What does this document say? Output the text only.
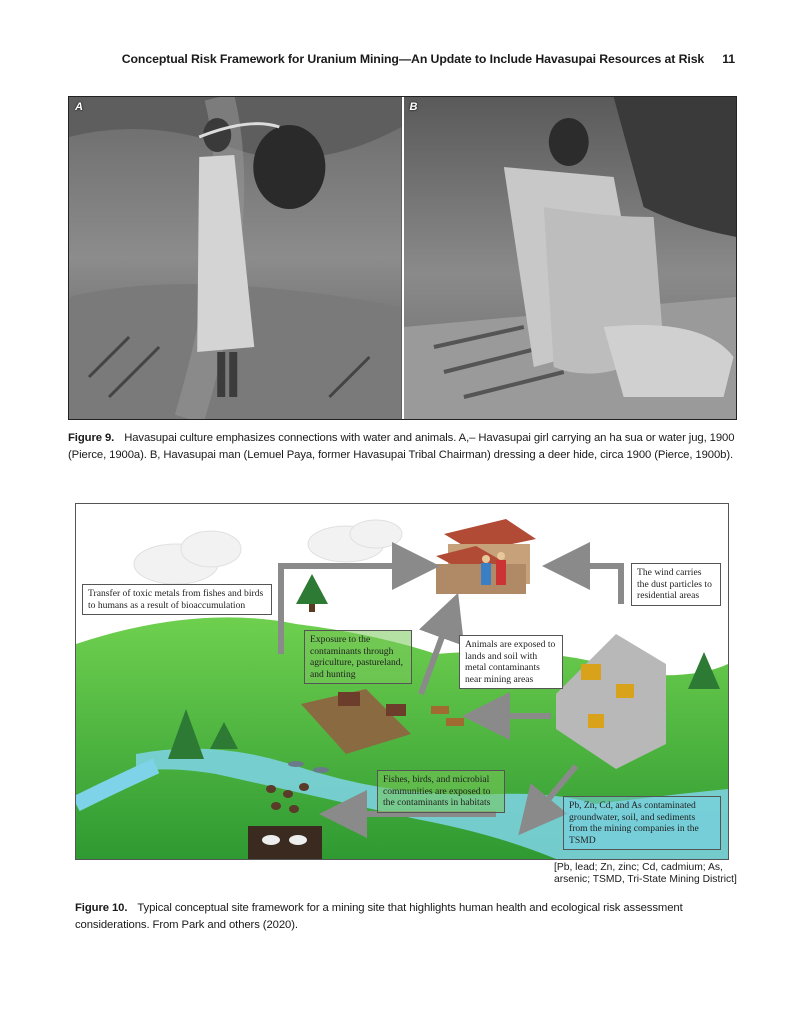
Conceptual Risk Framework for Uranium Mining—An Update to Include Havasupai Resources at Risk 11
A	B
Figure 9. Havasupai culture emphasizes connections with water and animals. A,– Havasupai girl carrying an ha sua or water jug, 1900 (Pierce, 1900a). B, Havasupai man (Lemuel Paya, former Havasupai Tribal Chairman) dressing a deer hide, circa 1900 (Pierce, 1900b).
Transfer of toxic metals from fishes and birds to humans as a result of bioaccumulation
The wind carries the dust particles to residential areas
Exposure to the contaminants through agriculture, pastureland, and hunting
Animals are exposed to lands and soil with metal contaminants near mining areas
Fishes, birds, and microbial communities are exposed to the contaminants in habitats	Pb, Zn, Cd, and As contaminated groundwater, soil, and sediments from the mining companies in the TSMD
[Pb, lead; Zn, zinc; Cd, cadmium; As, arsenic; TSMD, Tri-State Mining District]
Figure 10. Typical conceptual site framework for a mining site that highlights human health and ecological risk assessment considerations. From Park and others (2020).
